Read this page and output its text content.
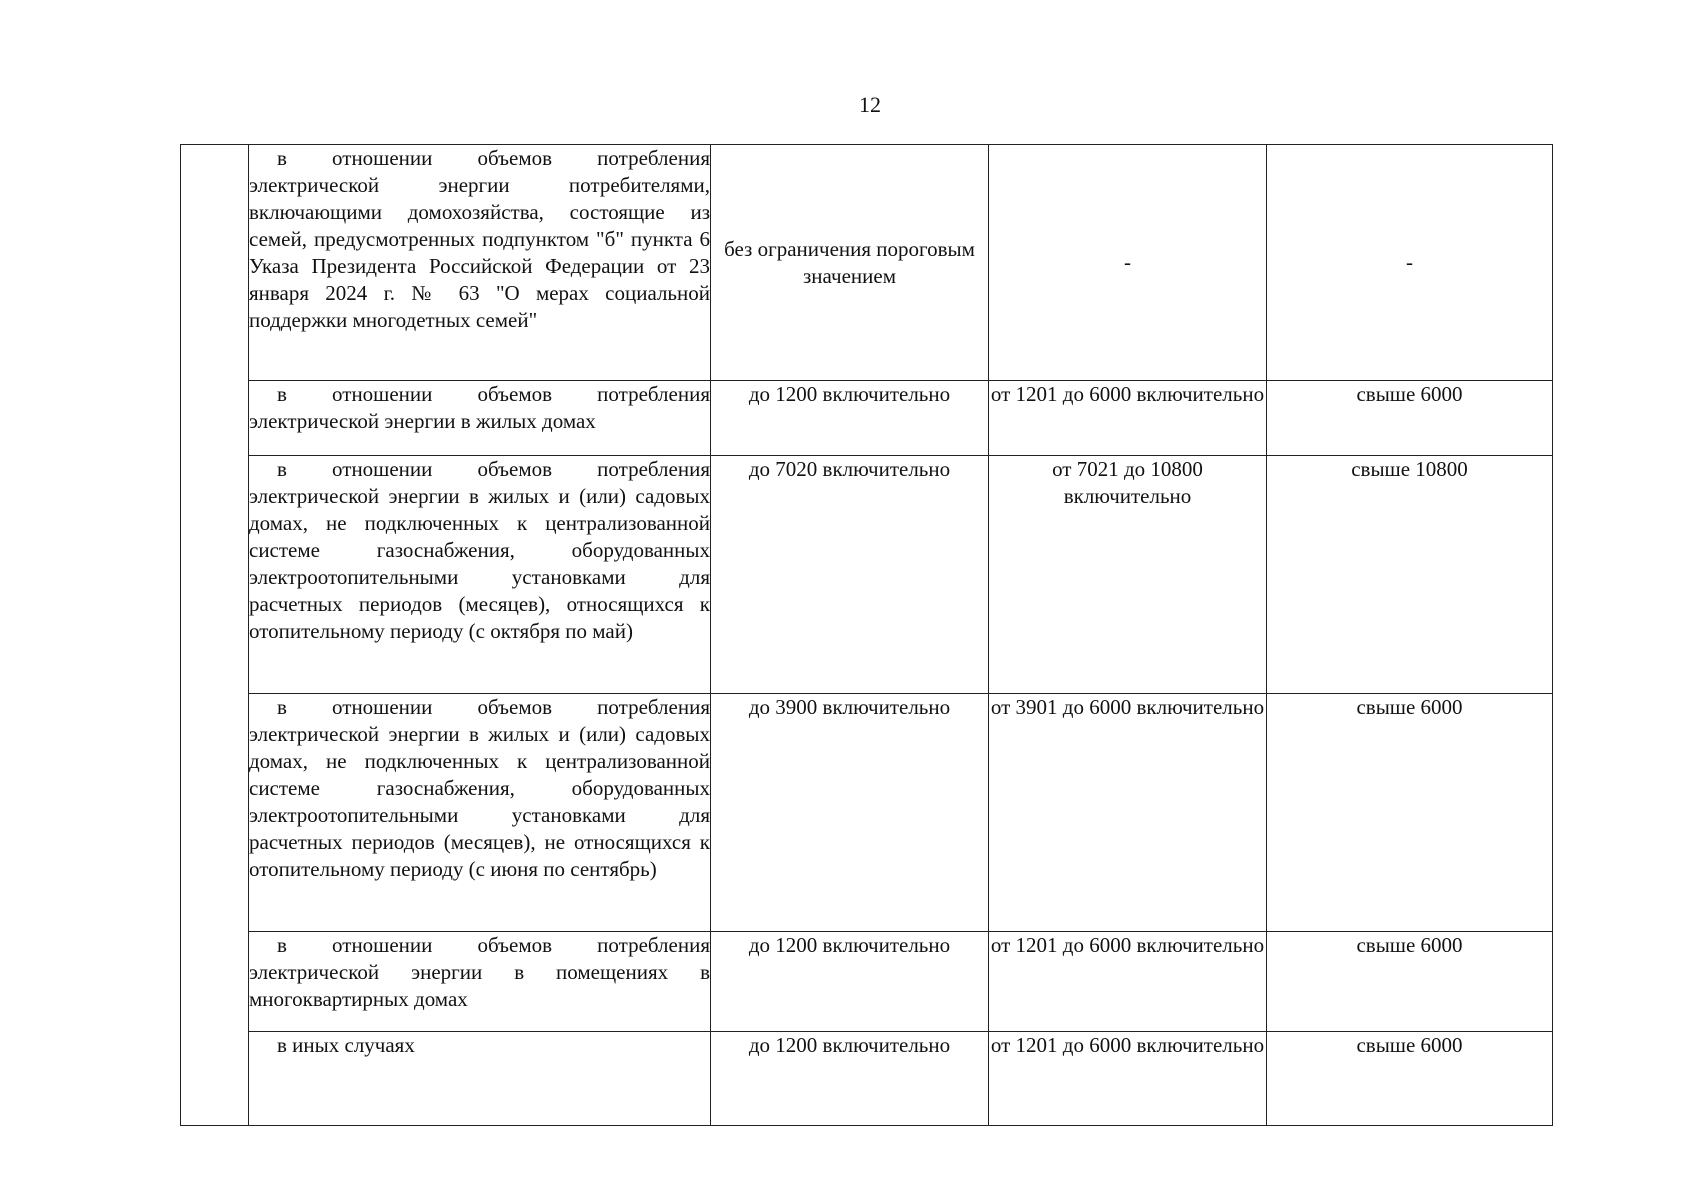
12
	в отношении объемов потребления электрической энергии потребителями, включающими домохозяйства, состоящие из семей, предусмотренных подпунктом "б" пункта 6 Указа Президента Российской Федерации от 23 января 2024 г. № 63 "О мерах социальной поддержки многодетных семей"	без ограничения пороговым значением	-	-
	в отношении объемов потребления электрической энергии в жилых домах	до 1200 включительно	от 1201 до 6000 включительно	свыше 6000
	в отношении объемов потребления электрической энергии в жилых и (или) садовых домах, не подключенных к централизованной системе газоснабжения, оборудованных электроотопительными установками для расчетных периодов (месяцев), относящихся к отопительному периоду (с октября по май)	до 7020 включительно	от 7021 до 10800 включительно	свыше 10800
	в отношении объемов потребления электрической энергии в жилых и (или) садовых домах, не подключенных к централизованной системе газоснабжения, оборудованных электроотопительными установками для расчетных периодов (месяцев), не относящихся к отопительному периоду (с июня по сентябрь)	до 3900 включительно	от 3901 до 6000 включительно	свыше 6000
	в отношении объемов потребления электрической энергии в помещениях в многоквартирных домах	до 1200 включительно	от 1201 до 6000 включительно	свыше 6000
	в иных случаях	до 1200 включительно	от 1201 до 6000 включительно	свыше 6000
